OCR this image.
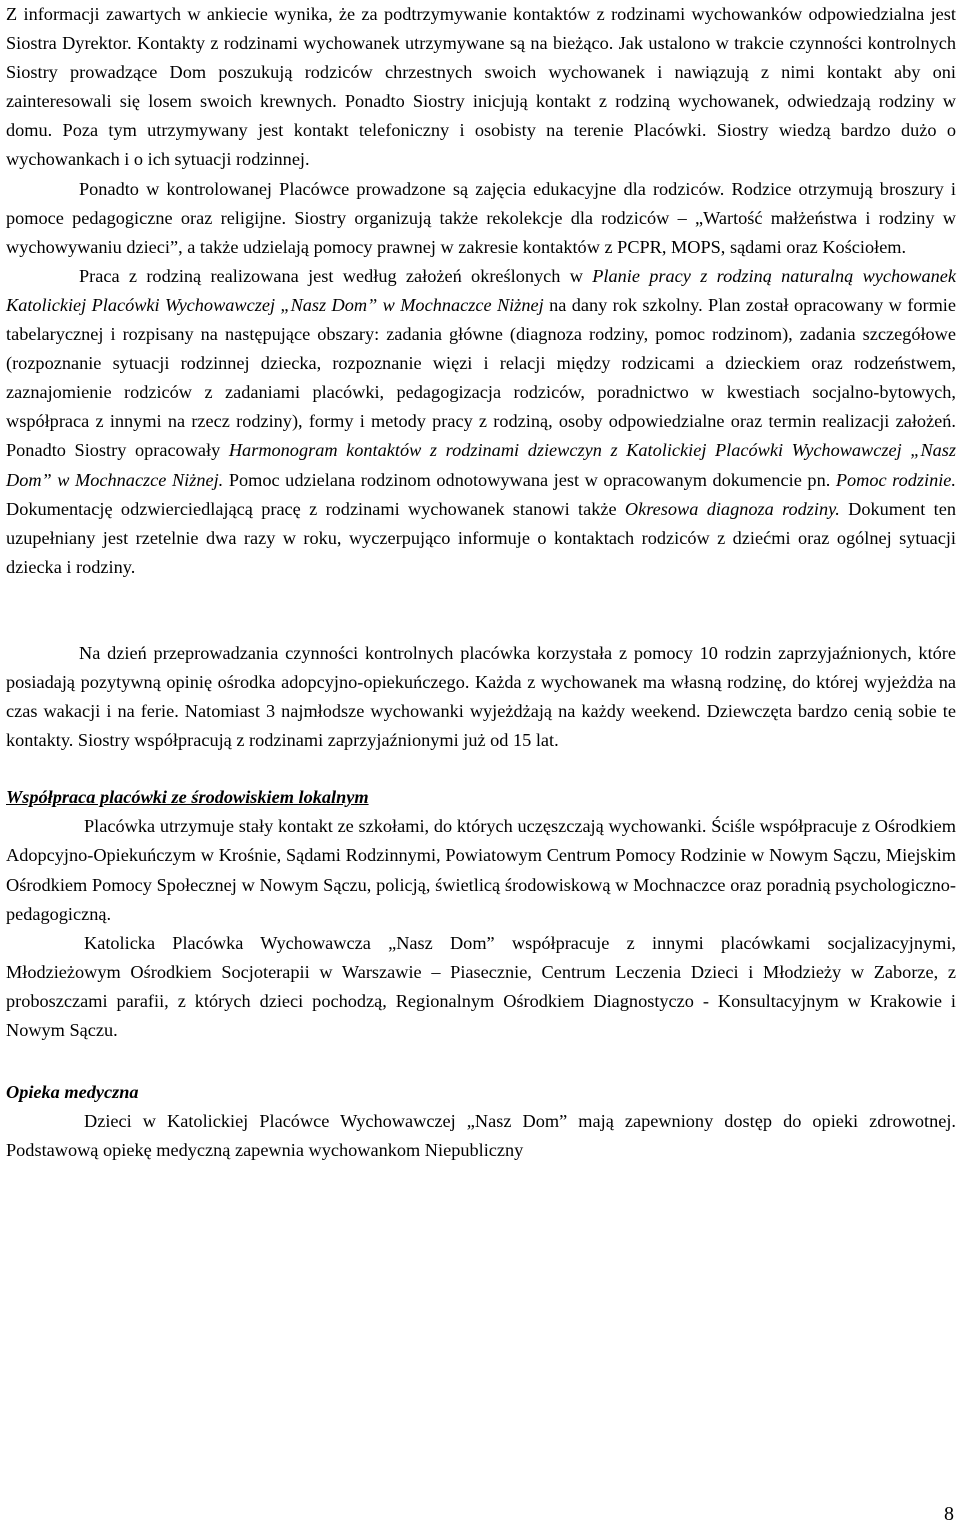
Z informacji zawartych w ankiecie wynika, że za podtrzymywanie kontaktów z rodzinami wychowanków odpowiedzialna jest Siostra Dyrektor. Kontakty z rodzinami wychowanek utrzymywane są na bieżąco. Jak ustalono w trakcie czynności kontrolnych Siostry prowadzące Dom poszukują rodziców chrzestnych swoich wychowanek i nawiązują z nimi kontakt aby oni zainteresowali się losem swoich krewnych. Ponadto Siostry inicjują kontakt z rodziną wychowanek, odwiedzają rodziny w domu. Poza tym utrzymywany jest kontakt telefoniczny i osobisty na terenie Placówki. Siostry wiedzą bardzo dużo o wychowankach i o ich sytuacji rodzinnej.

Ponadto w kontrolowanej Placówce prowadzone są zajęcia edukacyjne dla rodziców. Rodzice otrzymują broszury i pomoce pedagogiczne oraz religijne. Siostry organizują także rekolekcje dla rodziców – „Wartość małżeństwa i rodziny w wychowywaniu dzieci”, a także udzielają pomocy prawnej w zakresie kontaktów z PCPR, MOPS, sądami oraz Kościołem.

Praca z rodziną realizowana jest według założeń określonych w Planie pracy z rodziną naturalną wychowanek Katolickiej Placówki Wychowawczej „Nasz Dom” w Mochnaczce Niżnej na dany rok szkolny. Plan został opracowany w formie tabelarycznej i rozpisany na następujące obszary: zadania główne (diagnoza rodziny, pomoc rodzinom), zadania szczegółowe (rozpoznanie sytuacji rodzinnej dziecka, rozpoznanie więzi i relacji między rodzicami a dzieckiem oraz rodzeństwem, zaznajomienie rodziców z zadaniami placówki, pedagogizacja rodziców, poradnictwo w kwestiach socjalno-bytowych, współpraca z innymi na rzecz rodziny), formy i metody pracy z rodziną, osoby odpowiedzialne oraz termin realizacji założeń. Ponadto Siostry opracowały Harmonogram kontaktów z rodzinami dziewczyn z Katolickiej Placówki Wychowawczej „Nasz Dom” w Mochnaczce Niżnej. Pomoc udzielana rodzinom odnotowywana jest w opracowanym dokumencie pn. Pomoc rodzinie. Dokumentację odzwierciedlającą pracę z rodzinami wychowanek stanowi także Okresowa diagnoza rodziny. Dokument ten uzupełniany jest rzetelnie dwa razy w roku, wyczerpująco informuje o kontaktach rodziców z dziećmi oraz ogólnej sytuacji dziecka i rodziny.

Na dzień przeprowadzania czynności kontrolnych placówka korzystała z pomocy 10 rodzin zaprzyjaźnionych, które posiadają pozytywną opinię ośrodka adopcyjno-opiekuńczego. Każda z wychowanek ma własną rodzinę, do której wyjeżdża na czas wakacji i na ferie. Natomiast 3 najmłodsze wychowanki wyjeżdżają na każdy weekend. Dziewczęta bardzo cenią sobie te kontakty. Siostry współpracują z rodzinami zaprzyjaźnionymi już od 15 lat.

Współpraca placówki ze środowiskiem lokalnym

Placówka utrzymuje stały kontakt ze szkołami, do których uczęszczają wychowanki. Ściśle współpracuje z Ośrodkiem Adopcyjno-Opiekuńczym w Krośnie, Sądami Rodzinnymi, Powiatowym Centrum Pomocy Rodzinie w Nowym Sączu, Miejskim Ośrodkiem Pomocy Społecznej w Nowym Sączu, policją, świetlicą środowiskową w Mochnaczce oraz poradnią psychologiczno-pedagogiczną.

Katolicka Placówka Wychowawcza „Nasz Dom” współpracuje z innymi placówkami socjalizacyjnymi, Młodzieżowym Ośrodkiem Socjoterapii w Warszawie – Piasecznie, Centrum Leczenia Dzieci i Młodzieży w Zaborze, z proboszczami parafii, z których dzieci pochodzą, Regionalnym Ośrodkiem Diagnostyczo - Konsultacyjnym w Krakowie i Nowym Sączu.

Opieka medyczna

Dzieci w Katolickiej Placówce Wychowawczej „Nasz Dom” mają zapewniony dostęp do opieki zdrowotnej. Podstawową opiekę medyczną zapewnia wychowankom Niepubliczny

8
